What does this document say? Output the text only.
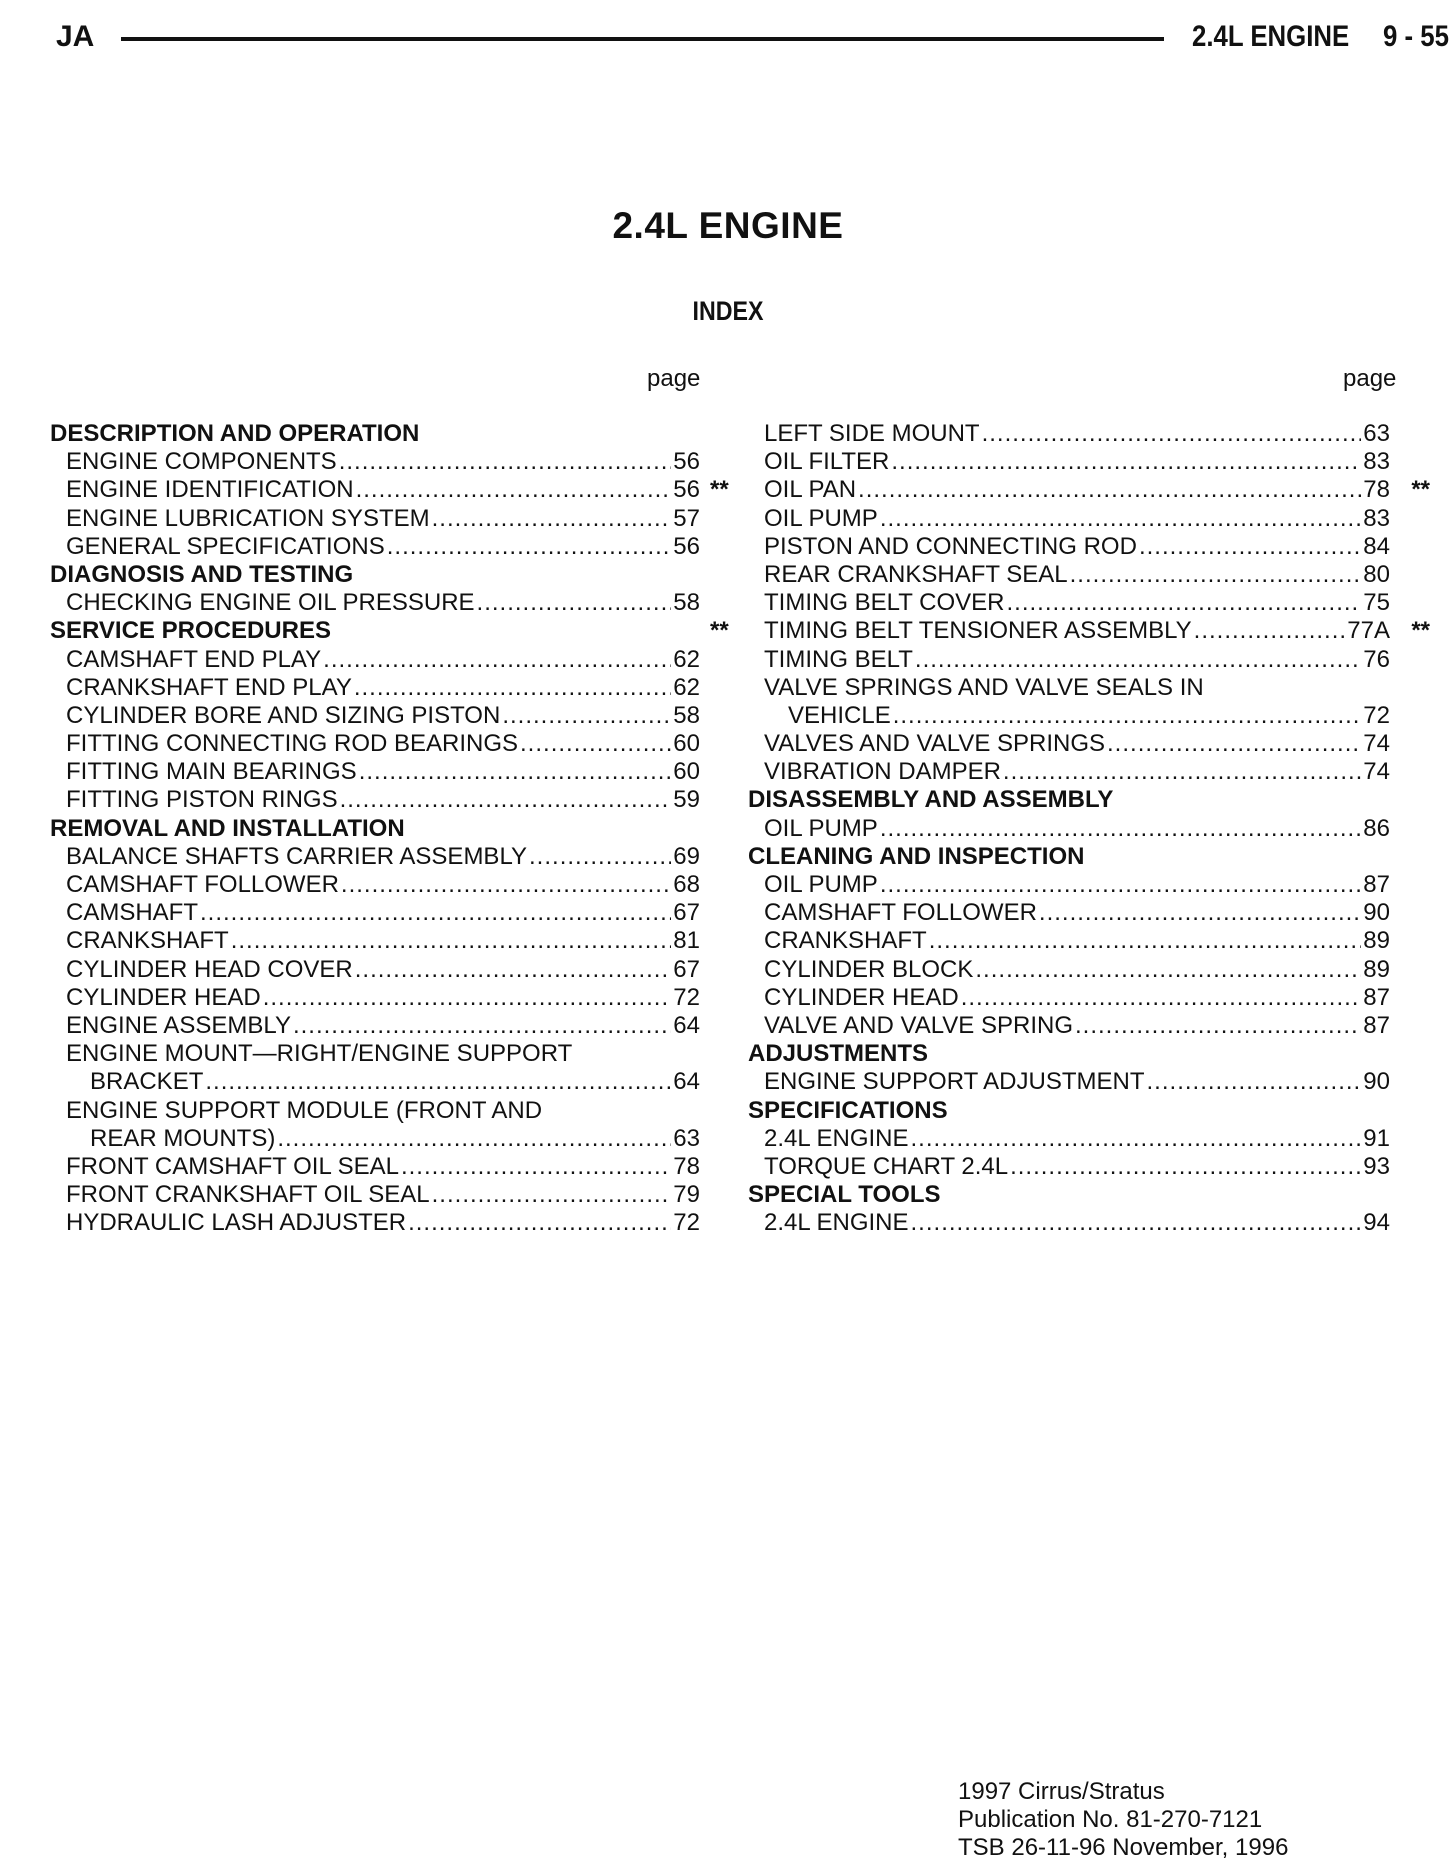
JA	2.4L ENGINE 9 - 55
2.4L ENGINE
INDEX
page	page
DESCRIPTION AND OPERATION
ENGINE COMPONENTS .....	56
ENGINE IDENTIFICATION .....	56
ENGINE LUBRICATION SYSTEM .....	57
GENERAL SPECIFICATIONS .....	56
DIAGNOSIS AND TESTING
CHECKING ENGINE OIL PRESSURE .....	58
SERVICE PROCEDURES
CAMSHAFT END PLAY .....	62
CRANKSHAFT END PLAY .....	62
CYLINDER BORE AND SIZING PISTON .....	58
FITTING CONNECTING ROD BEARINGS .....	60
FITTING MAIN BEARINGS .....	60
FITTING PISTON RINGS .....	59
REMOVAL AND INSTALLATION
BALANCE SHAFTS CARRIER ASSEMBLY .....	69
CAMSHAFT FOLLOWER .....	68
CAMSHAFT .....	67
CRANKSHAFT .....	81
CYLINDER HEAD COVER .....	67
CYLINDER HEAD .....	72
ENGINE ASSEMBLY .....	64
ENGINE MOUNT—RIGHT/ENGINE SUPPORT
BRACKET .....	64
ENGINE SUPPORT MODULE (FRONT AND
REAR MOUNTS) .....	63
FRONT CAMSHAFT OIL SEAL .....	78
FRONT CRANKSHAFT OIL SEAL .....	79
HYDRAULIC LASH ADJUSTER .....	72
LEFT SIDE MOUNT .....	63
OIL FILTER .....	83
** OIL PAN .....	78 **
OIL PUMP .....	83
PISTON AND CONNECTING ROD .....	84
REAR CRANKSHAFT SEAL .....	80
TIMING BELT COVER .....	75
** TIMING BELT TENSIONER ASSEMBLY .....	77A **
TIMING BELT .....	76
VALVE SPRINGS AND VALVE SEALS IN
VEHICLE .....	72
VALVES AND VALVE SPRINGS .....	74
VIBRATION DAMPER .....	74
DISASSEMBLY AND ASSEMBLY
OIL PUMP .....	86
CLEANING AND INSPECTION
OIL PUMP .....	87
CAMSHAFT FOLLOWER .....	90
CRANKSHAFT .....	89
CYLINDER BLOCK .....	89
CYLINDER HEAD .....	87
VALVE AND VALVE SPRING .....	87
ADJUSTMENTS
ENGINE SUPPORT ADJUSTMENT .....	90
SPECIFICATIONS
2.4L ENGINE .....	91
TORQUE CHART 2.4L .....	93
SPECIAL TOOLS
2.4L ENGINE .....	94
1997 Cirrus/Stratus
Publication No. 81-270-7121
TSB 26-11-96 November, 1996
